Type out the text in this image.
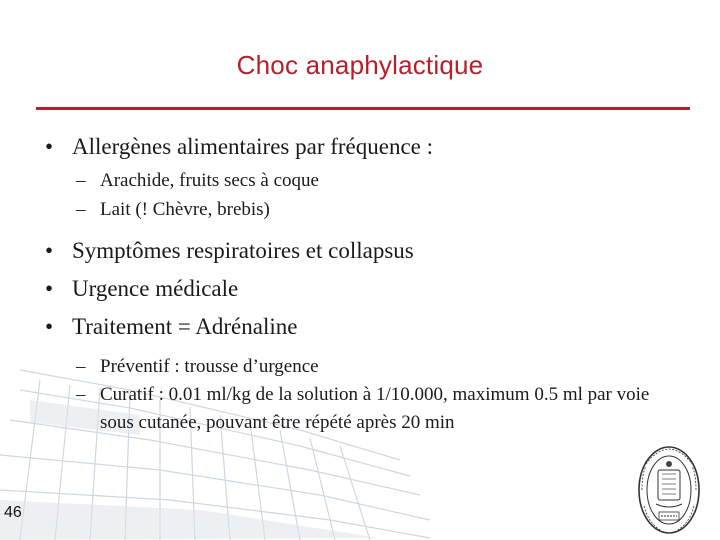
Choc anaphylactique
• Allergènes alimentaires par fréquence :
– Arachide, fruits secs à coque
– Lait (! Chèvre, brebis)
• Symptômes respiratoires et collapsus
• Urgence médicale
• Traitement = Adrénaline
– Préventif : trousse d’urgence
– Curatif : 0.01 ml/kg de la solution à 1/10.000, maximum 0.5 ml par voie sous cutanée, pouvant être répété après 20 min
46
